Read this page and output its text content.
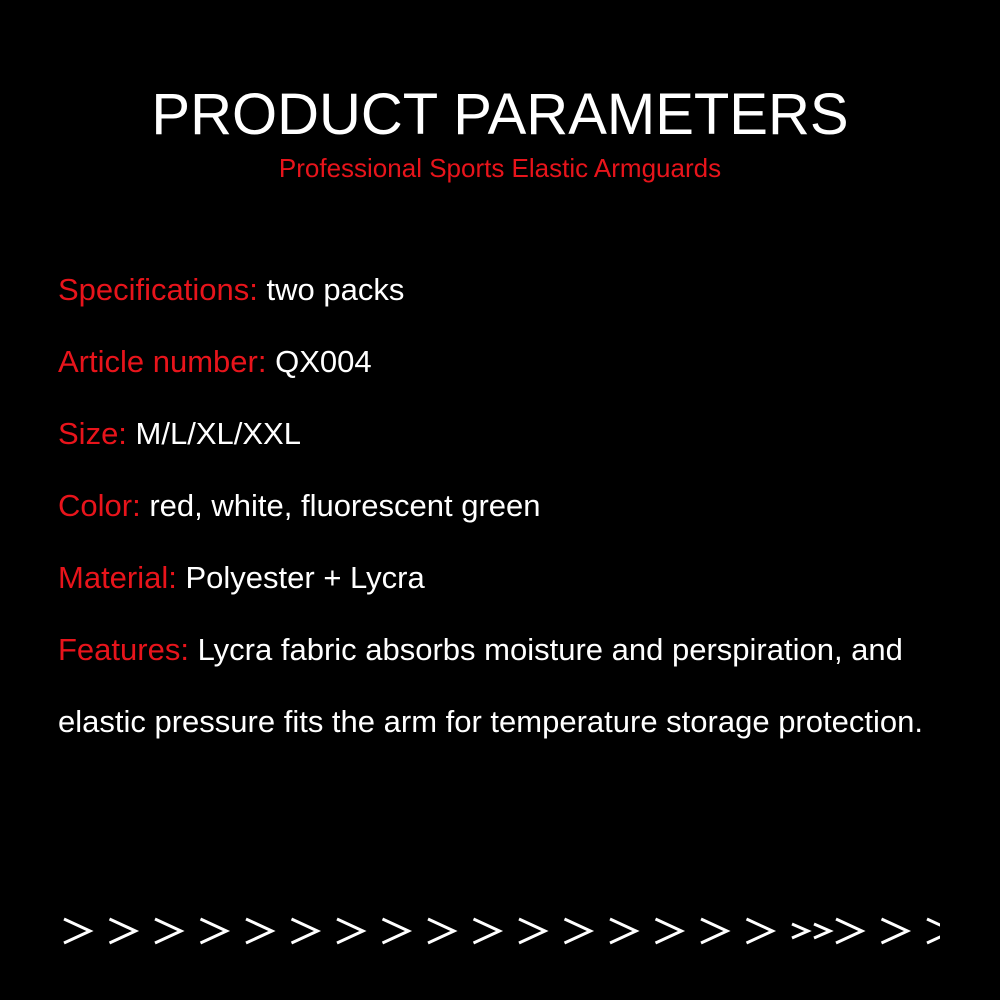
PRODUCT PARAMETERS
Professional Sports Elastic Armguards
Specifications: two packs
Article number: QX004
Size: M/L/XL/XXL
Color: red, white, fluorescent green
Material: Polyester + Lycra
Features: Lycra fabric absorbs moisture and perspiration, and elastic pressure fits the arm for temperature storage protection.
